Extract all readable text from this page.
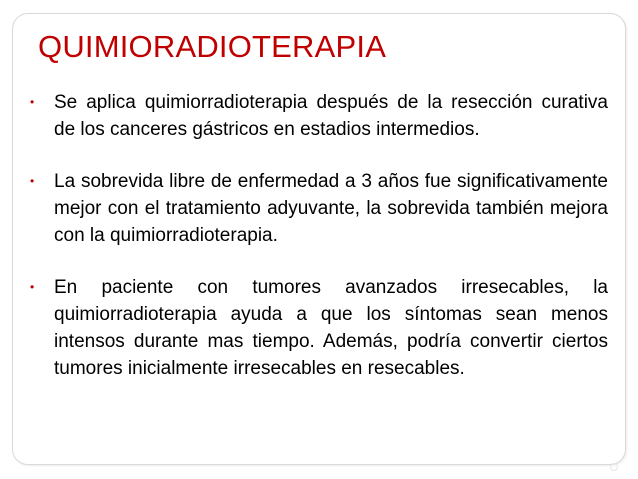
QUIMIORADIOTERAPIA
•	Se aplica quimiorradioterapia después de la resección curativa de los canceres gástricos en estadios intermedios.
•	La sobrevida libre de enfermedad a 3 años fue significativamente mejor con el tratamiento adyuvante, la sobrevida también mejora con la quimiorradioterapia.
•	En paciente con tumores avanzados irresecables, la quimiorradioterapia ayuda a que los síntomas sean menos intensos durante mas tiempo. Además, podría convertir ciertos tumores inicialmente irresecables en resecables.
